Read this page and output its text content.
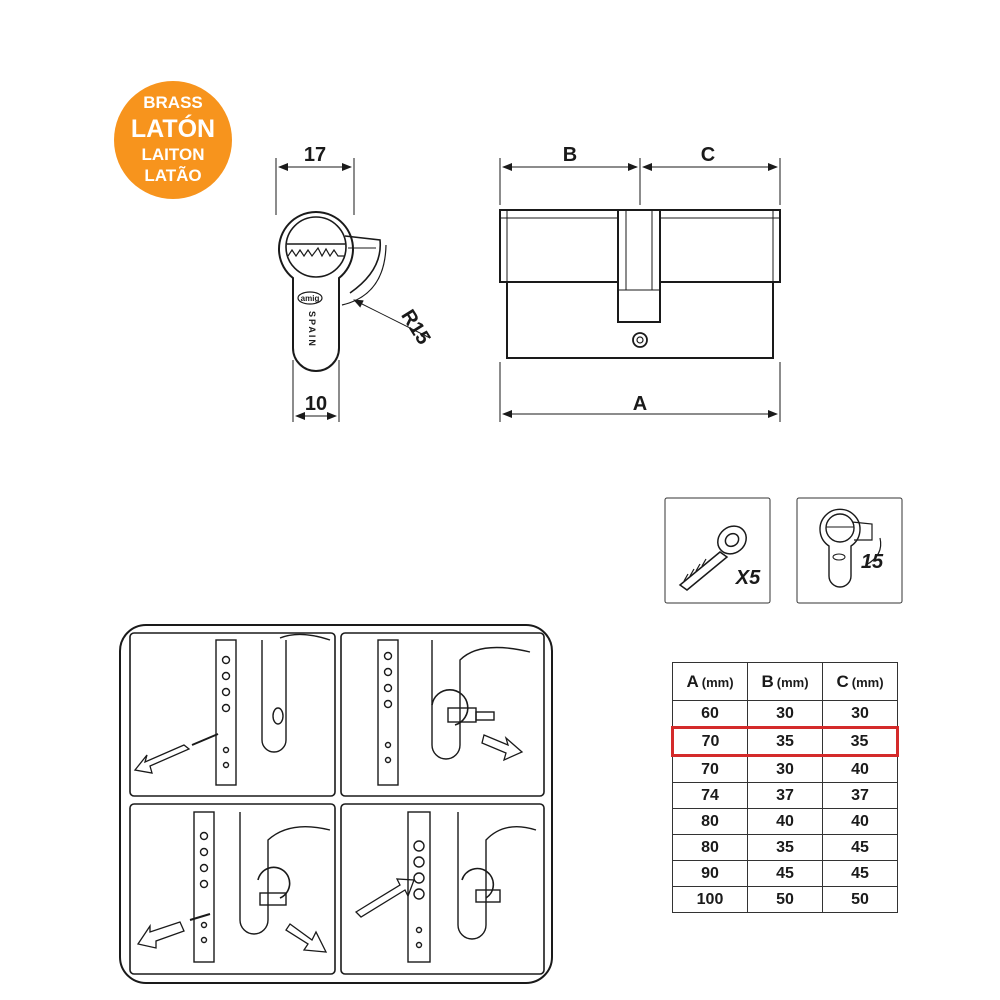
BRASS
LATÓN
LAITON
LATÃO
17
R15
amig
SPAIN
10
B	C
A
X5
15
A (mm)	B (mm)	C (mm)
60	30	30
70	35	35
70	30	40
74	37	37
80	40	40
80	35	45
90	45	45
100	50	50
